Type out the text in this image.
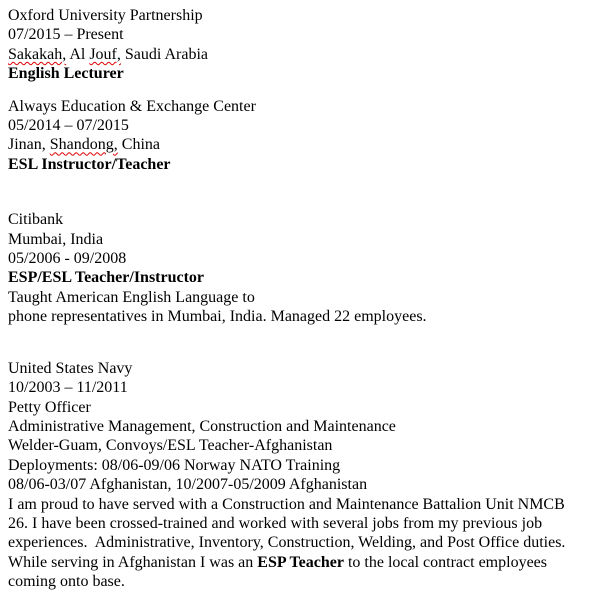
Oxford University Partnership
07/2015 – Present
Sakakah, Al Jouf, Saudi Arabia
English Lecturer
Always Education & Exchange Center
05/2014 – 07/2015
Jinan, Shandong, China
ESL Instructor/Teacher
Citibank
Mumbai, India
05/2006 - 09/2008
ESP/ESL Teacher/Instructor
Taught American English Language to
phone representatives in Mumbai, India. Managed 22 employees.
United States Navy
10/2003 – 11/2011
Petty Officer
Administrative Management, Construction and Maintenance
Welder-Guam, Convoys/ESL Teacher-Afghanistan
Deployments: 08/06-09/06 Norway NATO Training
08/06-03/07 Afghanistan, 10/2007-05/2009 Afghanistan
I am proud to have served with a Construction and Maintenance Battalion Unit NMCB
26. I have been crossed-trained and worked with several jobs from my previous job
experiences.  Administrative, Inventory, Construction, Welding, and Post Office duties.
While serving in Afghanistan I was an ESP Teacher to the local contract employees
coming onto base.
